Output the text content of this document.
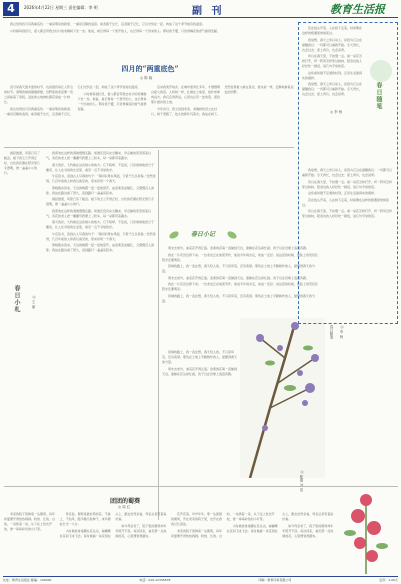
4	2026年4月22日 星期三 责任编辑：李 明	副 刊	教育生活报
四月的“两重底色”
◎ 陈 晓

四月是春天最丰盈的时节，也是最容易让人怀念的时节。清明的细雨刚刚停歇，田野里的麦苗便一夜之间拔高了身段，远处的山坡被杜鹃花染成一片绯红。

我总觉得四月有两重底色：一重是明亮的新绿，一重是沉静的追思。前者属于生长，后者属于记忆，它们交织在一起，构成了这个季节独有的温度。

小时候每到四月，祖父都会带我去村口的老槐树下坐一坐。他说，树记得每一个离开的人，也记得每一个回来的人。那时我不懂，只觉得槐花的香气甜得发腻。

后来我离开故乡，在城市里奔忙多年，才慢慢明白祖父的话。人和树一样，扎根在土地里，枝叶却伸向远方。我们走得再远，心里也总有一处角落，留给那片最初的土地。

今年四月，我又回到老家。老槐树依旧立在村口，树干更粗了，枝头的新叶闪着光。我站在树下，忽然觉得祖父就在身边，像从前一样，安静地看着远处的田野。

晨起推窗，风里已有了暖意。楼下的玉兰开得正好，白色的花瓣在阳光里几乎透明，像一盏盏小小的灯。

春日小札	◎ 王 丽

我喜欢在这样的清晨慢慢走路。街道还没有完全醒来，早点铺的蒸笼冒着白气，卖花的老人把一捆捆芍药摆上三轮车，每一朵都带着露水。

春天的好，大约就在这些细小的地方。它不喧哗，不张扬，只是悄悄地把日子擦亮，让人在寻常的生活里，看见一点不寻常的光。

午后读书，读到古人写春的句子：“等闲识得东风面，万紫千红总是春。”忽然觉得，几百年前的人和我们看见的，原来是同一个春天。

傍晚散步回来，天边的晚霞一层一层地晕开，由金黄变成橘红，又慢慢沉入淡紫。我站在路边看了很久，直到路灯一盏盏亮起来。

晨起推窗，风里已有了暖意。楼下的玉兰开得正好，白色的花瓣在阳光里几乎透明，像一盏盏小小的灯。

我喜欢在这样的清晨慢慢走路。街道还没有完全醒来，早点铺的蒸笼冒着白气，卖花的老人把一捆捆芍药摆上三轮车，每一朵都带着露水。

春天的好，大约就在这些细小的地方。它不喧哗，不张扬，只是悄悄地把日子擦亮，让人在寻常的生活里，看见一点不寻常的光。

午后读书，读到古人写春的句子：“等闲识得东风面，万紫千红总是春。”忽然觉得，几百年前的人和我们看见的，原来是同一个春天。

傍晚散步回来，天边的晚霞一层一层地晕开，由金黄变成橘红，又慢慢沉入淡紫。我站在路边看了很久，直到路灯一盏盏亮起来。

春日小记

周末去郊外，油菜花开得正盛。金黄的花海一直铺到天边，蜜蜂在花丛间忙碌，孩子们在田埂上追逐奔跑。

我在一片花田边停下来。一位老农正在地里劳作，他说今年雨水足，收成一定好。说这话的时候，他脸上的笑容比阳光还要明亮。

回城的路上，我一直在想，春天给人的，不只是风景，还有希望。那些在土地上辛勤耕作的人，最懂得春天的分量。

周末去郊外，油菜花开得正盛。金黄的花海一直铺到天边，蜜蜂在花丛间忙碌，孩子们在田埂上追逐奔跑。

我在一片花田边停下来。一位老农正在地里劳作，他说今年雨水足，收成一定好。说这话的时候，他脸上的笑容比阳光还要明亮。

回城的路上，我一直在想，春天给人的，不只是风景，还有希望。那些在土地上辛勤耕作的人，最懂得春天的分量。

回城的路上，我一直在想，春天给人的，不只是风景，还有希望。那些在土地上辛勤耕作的人，最懂得春天的分量。

周末去郊外，油菜花开得正盛。金黄的花海一直铺到天边，蜜蜂在花丛间忙碌，孩子们在田埂上追逐奔跑。

春日随笔 ◎ 李 杨
◎ 配图 刘 星

花在枝头开着，人在树下走着，时间便在这样的相遇里悄悄流过。

我常想，春天之所以动人，是因为它总在提醒我们：一切都可以重新开始。冬天再长，也会过去；泥土再冷，也会返青。

所以在春天里，不妨慢一点。看一朵花怎样打开，听一阵风怎样穿过树林，陪身边的人好好吃一顿饭，说几句平常的话。

这些看似微不足道的时刻，正是生活最真实的模样。

我常想，春天之所以动人，是因为它总在提醒我们：一切都可以重新开始。冬天再长，也会过去；泥土再冷，也会返青。	春日随笔
◎ 李 杨

我常想，春天之所以动人，是因为它总在提醒我们：一切都可以重新开始。冬天再长，也会过去；泥土再冷，也会返青。

所以在春天里，不妨慢一点。看一朵花怎样打开，听一阵风怎样穿过树林，陪身边的人好好吃一顿饭，说几句平常的话。

这些看似微不足道的时刻，正是生活最真实的模样。

花在枝头开着，人在树下走着，时间便在这样的相遇里悄悄流过。

所以在春天里，不妨慢一点。看一朵花怎样打开，听一阵风怎样穿过树林，陪身边的人好好吃一顿饭，说几句平常的话。

我总觉得四月有两重底色：一重是明亮的新绿，一重是沉静的追思。前者属于生长，后者属于记忆，它们交织在一起，构成了这个季节独有的温度。

小时候每到四月，祖父都会带我去村口的老槐树下坐一坐。他说，树记得每一个离开的人，也记得每一个回来的人。那时我不懂，只觉得槐花的香气甜得发腻。

团团的蜀葵
◎ 周 红

老家的院子里种着一丛蜀葵，每年初夏便开得热热闹闹。粉的、红的、白的，一朵挨着一朵，从下往上依次开放，像一串串彩色的小灯笼。

母亲说，蜀葵是最好养的花，不挑土，不怕旱，随手撒几粒种子，来年便能长出一大片。

小时候我常常蹲在花丛边，看蝴蝶在花间飞来飞去。有时候摘一朵花别在头上，跑去给母亲看，母亲总是笑着说好看。

如今母亲老了，院子里的蜀葵却年年照开不误。每次回家，看见那一丛热闹的花，心里便觉得踏实。

花开花落，岁岁年年。那一丛团团的蜀葵，开在老家的院子里，也开在我的记忆深处。

老家的院子里种着一丛蜀葵，每年初夏便开得热热闹闹。粉的、红的、白的，一朵挨着一朵，从下往上依次开放，像一串串彩色的小灯笼。

小时候我常常蹲在花丛边，看蝴蝶在花间飞来飞去。有时候摘一朵花别在头上，跑去给母亲看，母亲总是笑着说好看。

如今母亲老了，院子里的蜀葵却年年照开不误。每次回家，看见那一丛热闹的花，心里便觉得踏实。

社址：教育生活报社 邮编：100000	电话：010-12345678	印刷：教育印务有限公司	定价：1.00元
